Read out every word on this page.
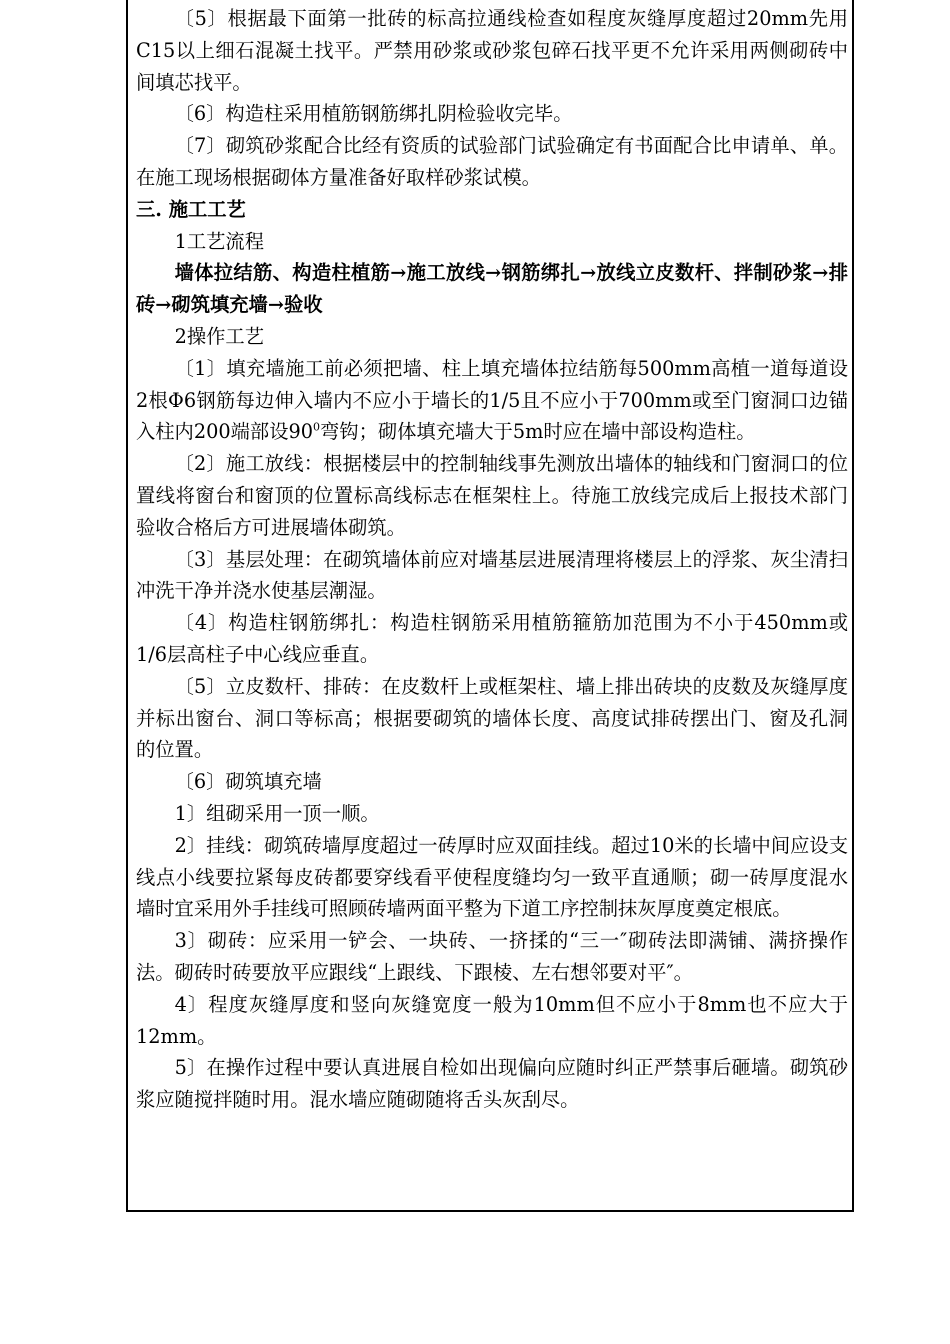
〔5〕根据最下面第一批砖的标高拉通线检查如程度灰缝厚度超过20mm先用C15以上细石混凝土找平。严禁用砂浆或砂浆包碎石找平更不允许采用两侧砌砖中间填芯找平。

〔6〕构造柱采用植筋钢筋绑扎阴检验收完毕。

〔7〕砌筑砂浆配合比经有资质的试验部门试验确定有书面配合比申请单、单。在施工现场根据砌体方量准备好取样砂浆试模。

三. 施工工艺

1工艺流程

墙体拉结筋、构造柱植筋→施工放线→钢筋绑扎→放线立皮数杆、拌制砂浆→排砖→砌筑填充墙→验收

2操作工艺

〔1〕填充墙施工前必须把墙、柱上填充墙体拉结筋每500mm高植一道每道设2根Φ6钢筋每边伸入墙内不应小于墙长的1/5且不应小于700mm或至门窗洞口边锚入柱内200端部设$90^0$弯钩；砌体填充墙大于5m时应在墙中部设构造柱。

〔2〕施工放线：根据楼层中的控制轴线事先测放出墙体的轴线和门窗洞口的位置线将窗台和窗顶的位置标高线标志在框架柱上。待施工放线完成后上报技术部门验收合格后方可进展墙体砌筑。

〔3〕基层处理：在砌筑墙体前应对墙基层进展清理将楼层上的浮浆、灰尘清扫冲洗干净并浇水使基层潮湿。

〔4〕构造柱钢筋绑扎：构造柱钢筋采用植筋箍筋加范围为不小于450mm或1/6层高柱子中心线应垂直。

〔5〕立皮数杆、排砖：在皮数杆上或框架柱、墙上排出砖块的皮数及灰缝厚度并标出窗台、洞口等标高；根据要砌筑的墙体长度、高度试排砖摆出门、窗及孔洞的位置。

〔6〕砌筑填充墙

1〕组砌采用一顶一顺。

2〕挂线：砌筑砖墙厚度超过一砖厚时应双面挂线。超过10米的长墙中间应设支线点小线要拉紧每皮砖都要穿线看平使程度缝均匀一致平直通顺；砌一砖厚度混水墙时宜采用外手挂线可照顾砖墙两面平整为下道工序控制抹灰厚度奠定根底。

3〕砌砖：应采用一铲会、一块砖、一挤揉的“三一″砌砖法即满铺、满挤操作法。砌砖时砖要放平应跟线“上跟线、下跟棱、左右想邻要对平″。

4〕程度灰缝厚度和竖向灰缝宽度一般为10mm但不应小于8mm也不应大于12mm。

5〕在操作过程中要认真进展自检如出现偏向应随时纠正严禁事后砸墙。砌筑砂浆应随搅拌随时用。混水墙应随砌随将舌头灰刮尽。
